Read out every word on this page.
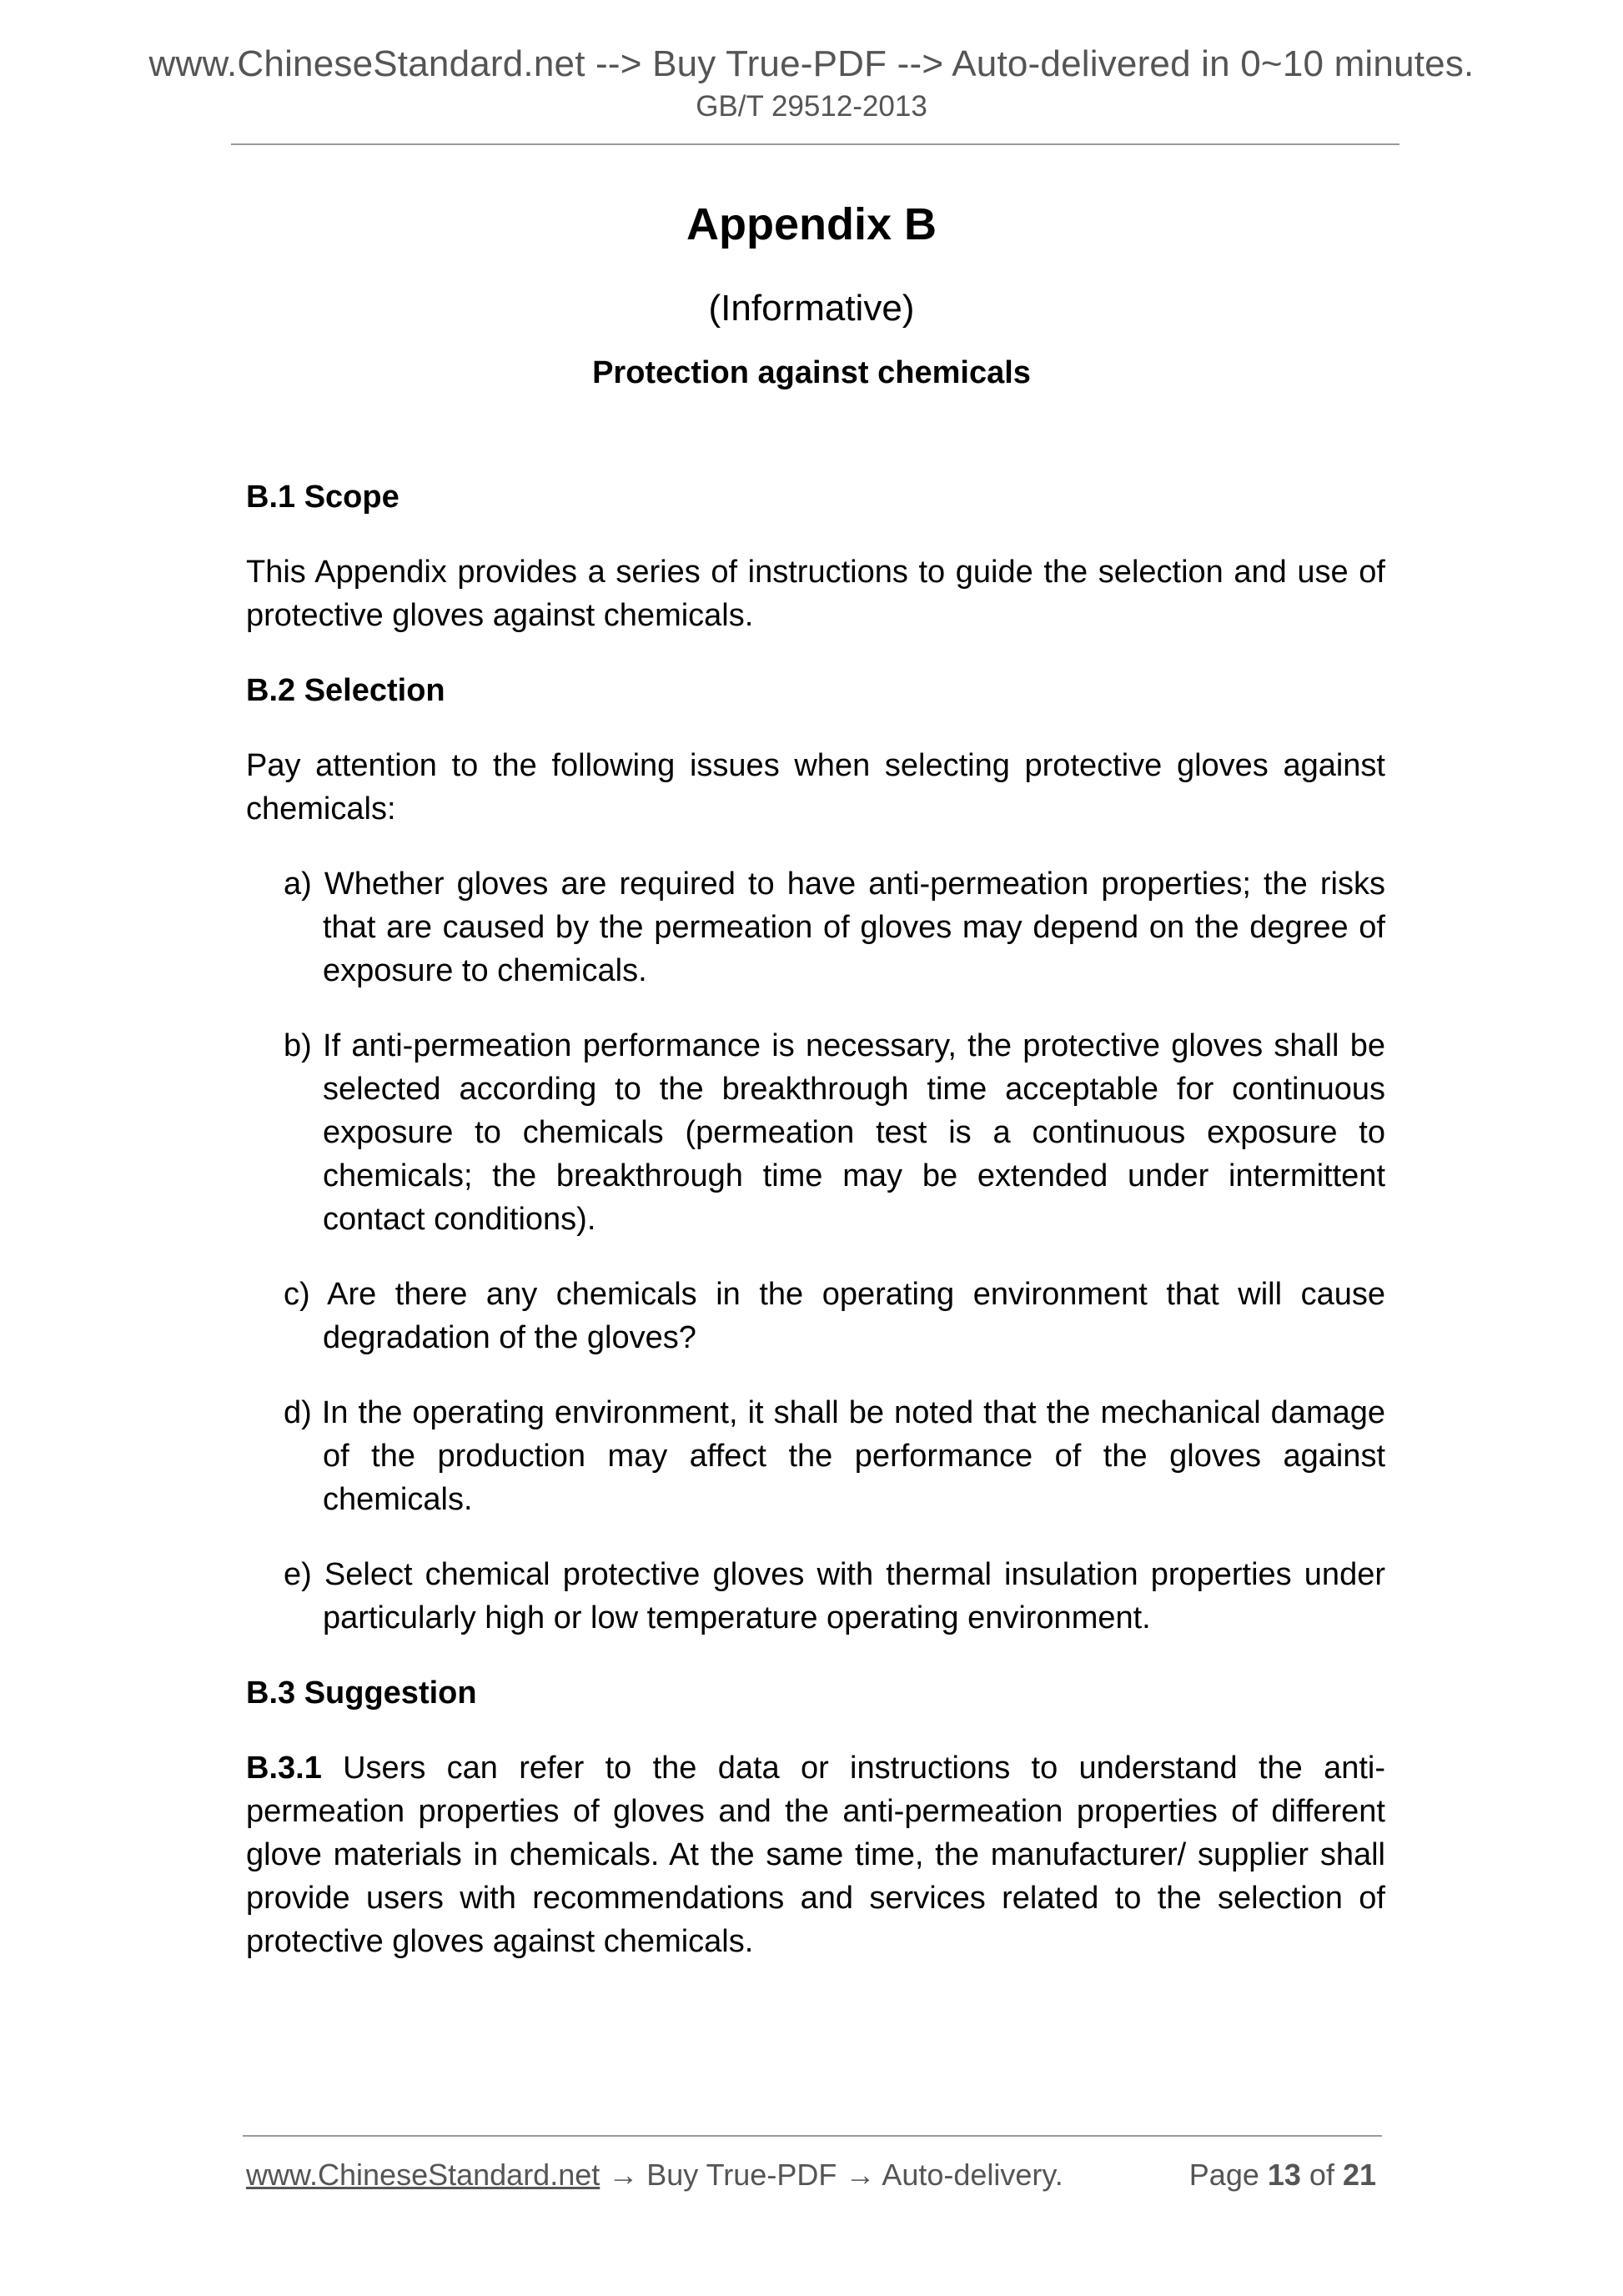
www.ChineseStandard.net --> Buy True-PDF --> Auto-delivered in 0~10 minutes.
GB/T 29512-2013
Appendix B
(Informative)
Protection against chemicals
B.1 Scope

This Appendix provides a series of instructions to guide the selection and use of protective gloves against chemicals.

B.2 Selection

Pay attention to the following issues when selecting protective gloves against chemicals:

a) Whether gloves are required to have anti-permeation properties; the risks that are caused by the permeation of gloves may depend on the degree of exposure to chemicals.
b) If anti-permeation performance is necessary, the protective gloves shall be selected according to the breakthrough time acceptable for continuous exposure to chemicals (permeation test is a continuous exposure to chemicals; the breakthrough time may be extended under intermittent contact conditions).
c) Are there any chemicals in the operating environment that will cause degradation of the gloves?
d) In the operating environment, it shall be noted that the mechanical damage of the production may affect the performance of the gloves against chemicals.
e) Select chemical protective gloves with thermal insulation properties under particularly high or low temperature operating environment.
B.3 Suggestion

B.3.1 Users can refer to the data or instructions to understand the anti-permeation properties of gloves and the anti-permeation properties of different glove materials in chemicals. At the same time, the manufacturer/ supplier shall provide users with recommendations and services related to the selection of protective gloves against chemicals.

www.ChineseStandard.net → Buy True-PDF → Auto-delivery.	Page 13 of 21
